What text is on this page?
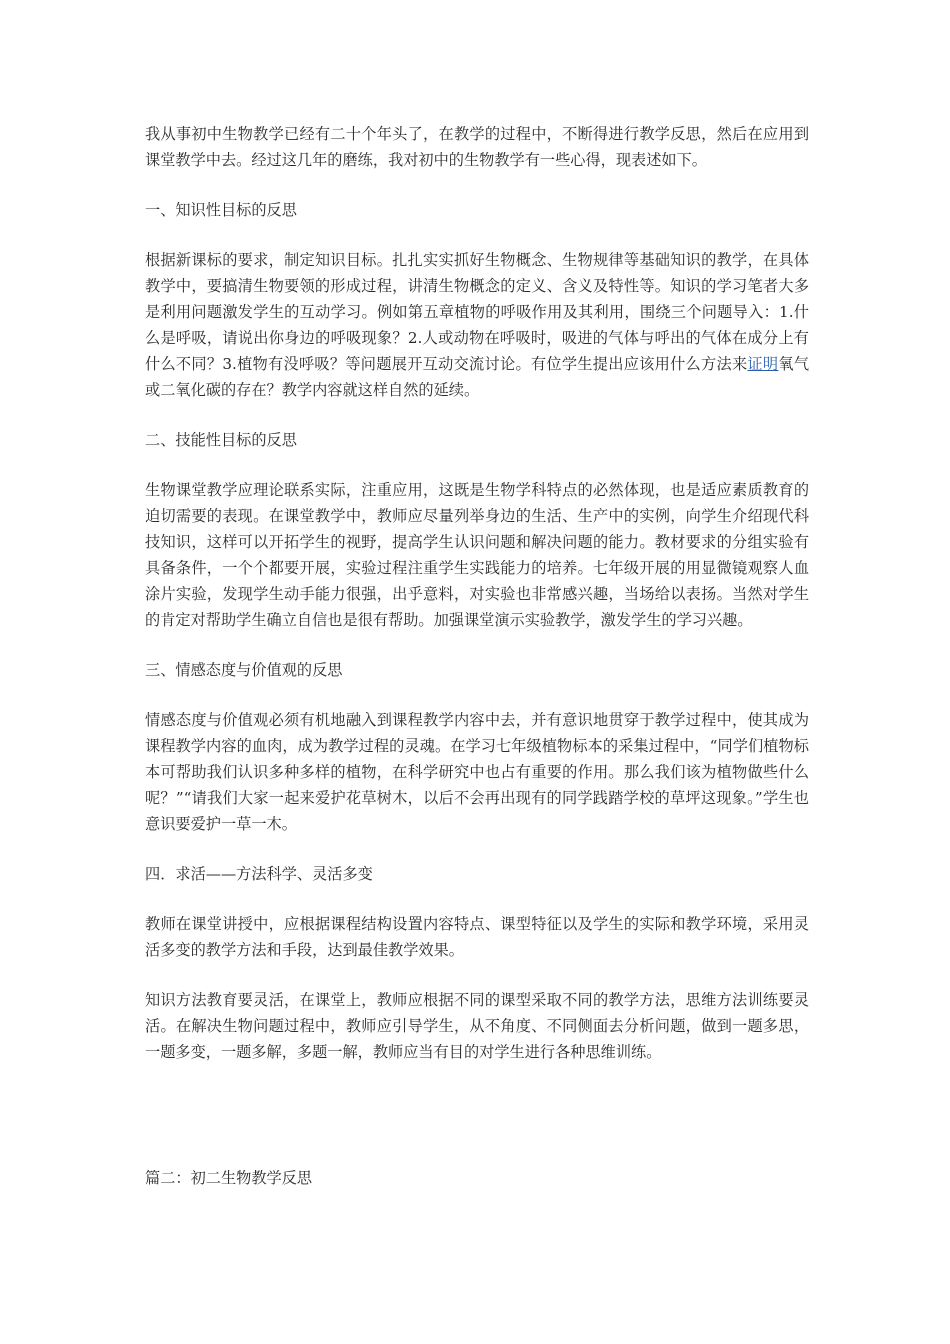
我从事初中生物教学已经有二十个年头了，在教学的过程中，不断得进行教学反思，然后在应用到课堂教学中去。经过这几年的磨练，我对初中的生物教学有一些心得，现表述如下。

一、知识性目标的反思

根据新课标的要求，制定知识目标。扎扎实实抓好生物概念、生物规律等基础知识的教学，在具体教学中，要搞清生物要领的形成过程，讲清生物概念的定义、含义及特性等。知识的学习笔者大多是利用问题激发学生的互动学习。例如第五章植物的呼吸作用及其利用，围绕三个问题导入：1.什么是呼吸，请说出你身边的呼吸现象？2.人或动物在呼吸时，吸进的气体与呼出的气体在成分上有什么不同？3.植物有没呼吸？等问题展开互动交流讨论。有位学生提出应该用什么方法来证明氧气或二氧化碳的存在？教学内容就这样自然的延续。

二、技能性目标的反思

生物课堂教学应理论联系实际，注重应用，这既是生物学科特点的必然体现，也是适应素质教育的迫切需要的表现。在课堂教学中，教师应尽量列举身边的生活、生产中的实例，向学生介绍现代科技知识，这样可以开拓学生的视野，提高学生认识问题和解决问题的能力。教材要求的分组实验有具备条件，一个个都要开展，实验过程注重学生实践能力的培养。七年级开展的用显微镜观察人血涂片实验，发现学生动手能力很强，出乎意料，对实验也非常感兴趣，当场给以表扬。当然对学生的肯定对帮助学生确立自信也是很有帮助。加强课堂演示实验教学，激发学生的学习兴趣。

三、情感态度与价值观的反思

情感态度与价值观必须有机地融入到课程教学内容中去，并有意识地贯穿于教学过程中，使其成为课程教学内容的血肉，成为教学过程的灵魂。在学习七年级植物标本的采集过程中，“同学们植物标本可帮助我们认识多种多样的植物，在科学研究中也占有重要的作用。那么我们该为植物做些什么呢？”“请我们大家一起来爱护花草树木，以后不会再出现有的同学践踏学校的草坪这现象。”学生也意识要爱护一草一木。

四．求活——方法科学、灵活多变

教师在课堂讲授中，应根据课程结构设置内容特点、课型特征以及学生的实际和教学环境，采用灵活多变的教学方法和手段，达到最佳教学效果。

知识方法教育要灵活，在课堂上，教师应根据不同的课型采取不同的教学方法，思维方法训练要灵活。在解决生物问题过程中，教师应引导学生，从不角度、不同侧面去分析问题，做到一题多思，一题多变，一题多解，多题一解，教师应当有目的对学生进行各种思维训练。

篇二：初二生物教学反思
